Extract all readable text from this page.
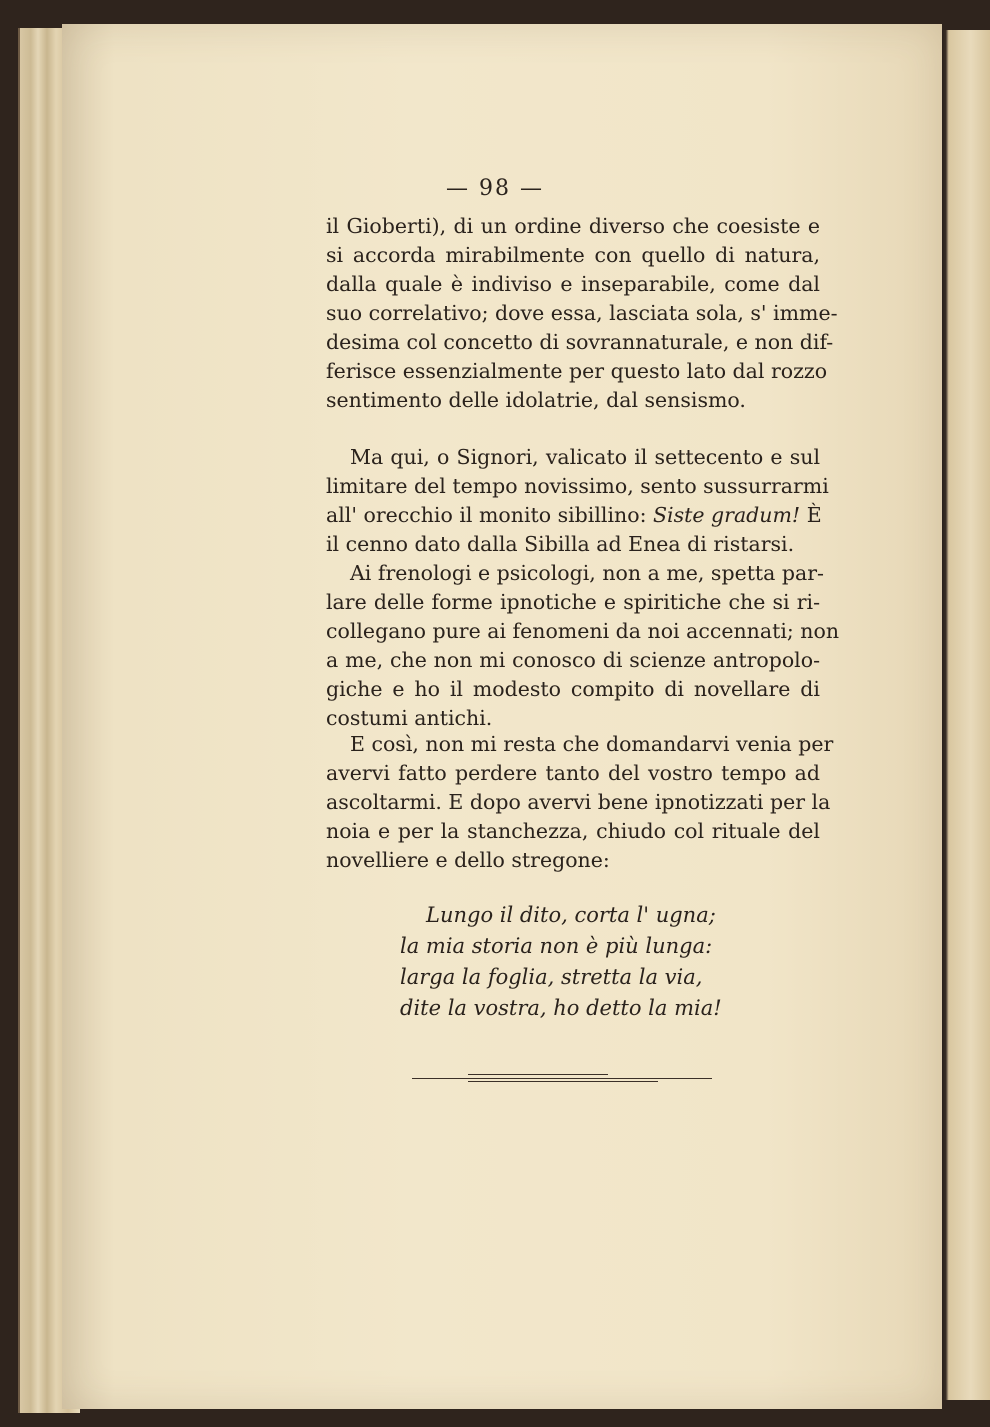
— 98 —
il Gioberti), di un ordine diverso che coesiste e
si accorda mirabilmente con quello di natura,
dalla quale è indiviso e inseparabile, come dal
suo correlativo; dove essa, lasciata sola, s' imme-
desima col concetto di sovrannaturale, e non dif-
ferisce essenzialmente per questo lato dal rozzo
sentimento delle idolatrie, dal sensismo.
Ma qui, o Signori, valicato il settecento e sul
limitare del tempo novissimo, sento sussurrarmi
all' orecchio il monito sibillino: Siste gradum! È
il cenno dato dalla Sibilla ad Enea di ristarsi.
Ai frenologi e psicologi, non a me, spetta par-
lare delle forme ipnotiche e spiritiche che si ri-
collegano pure ai fenomeni da noi accennati; non
a me, che non mi conosco di scienze antropolo-
giche e ho il modesto compito di novellare di
costumi antichi.
E così, non mi resta che domandarvi venia per
avervi fatto perdere tanto del vostro tempo ad
ascoltarmi. E dopo avervi bene ipnotizzati per la
noia e per la stanchezza, chiudo col rituale del
novelliere e dello stregone:
Lungo il dito, corta l' ugna;
la mia storia non è più lunga:
larga la foglia, stretta la via,
dite la vostra, ho detto la mia!
